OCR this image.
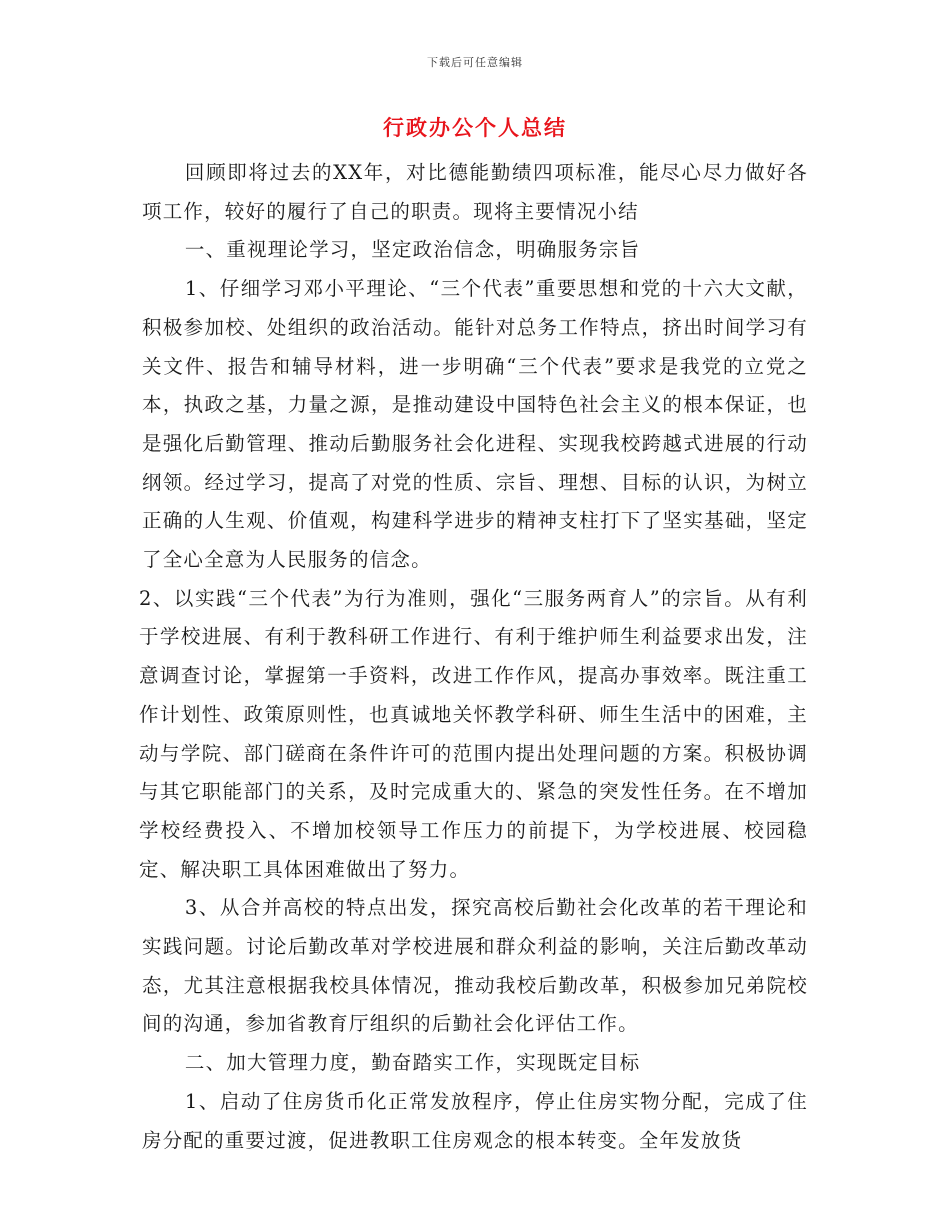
下载后可任意编辑
行政办公个人总结

回顾即将过去的XX年，对比德能勤绩四项标准，能尽心尽力做好各项工作，较好的履行了自己的职责。现将主要情况小结

一、重视理论学习，坚定政治信念，明确服务宗旨

1、仔细学习邓小平理论、“三个代表”重要思想和党的十六大文献，积极参加校、处组织的政治活动。能针对总务工作特点，挤出时间学习有关文件、报告和辅导材料，进一步明确“三个代表”要求是我党的立党之本，执政之基，力量之源，是推动建设中国特色社会主义的根本保证，也是强化后勤管理、推动后勤服务社会化进程、实现我校跨越式进展的行动纲领。经过学习，提高了对党的性质、宗旨、理想、目标的认识，为树立正确的人生观、价值观，构建科学进步的精神支柱打下了坚实基础，坚定了全心全意为人民服务的信念。

2、以实践“三个代表”为行为准则，强化“三服务两育人”的宗旨。从有利于学校进展、有利于教科研工作进行、有利于维护师生利益要求出发，注意调查讨论，掌握第一手资料，改进工作作风，提高办事效率。既注重工作计划性、政策原则性，也真诚地关怀教学科研、师生生活中的困难，主动与学院、部门磋商在条件许可的范围内提出处理问题的方案。积极协调与其它职能部门的关系，及时完成重大的、紧急的突发性任务。在不增加学校经费投入、不增加校领导工作压力的前提下，为学校进展、校园稳定、解决职工具体困难做出了努力。

3、从合并高校的特点出发，探究高校后勤社会化改革的若干理论和实践问题。讨论后勤改革对学校进展和群众利益的影响，关注后勤改革动态，尤其注意根据我校具体情况，推动我校后勤改革，积极参加兄弟院校间的沟通，参加省教育厅组织的后勤社会化评估工作。

二、加大管理力度，勤奋踏实工作，实现既定目标

1、启动了住房货币化正常发放程序，停止住房实物分配，完成了住房分配的重要过渡，促进教职工住房观念的根本转变。全年发放货
